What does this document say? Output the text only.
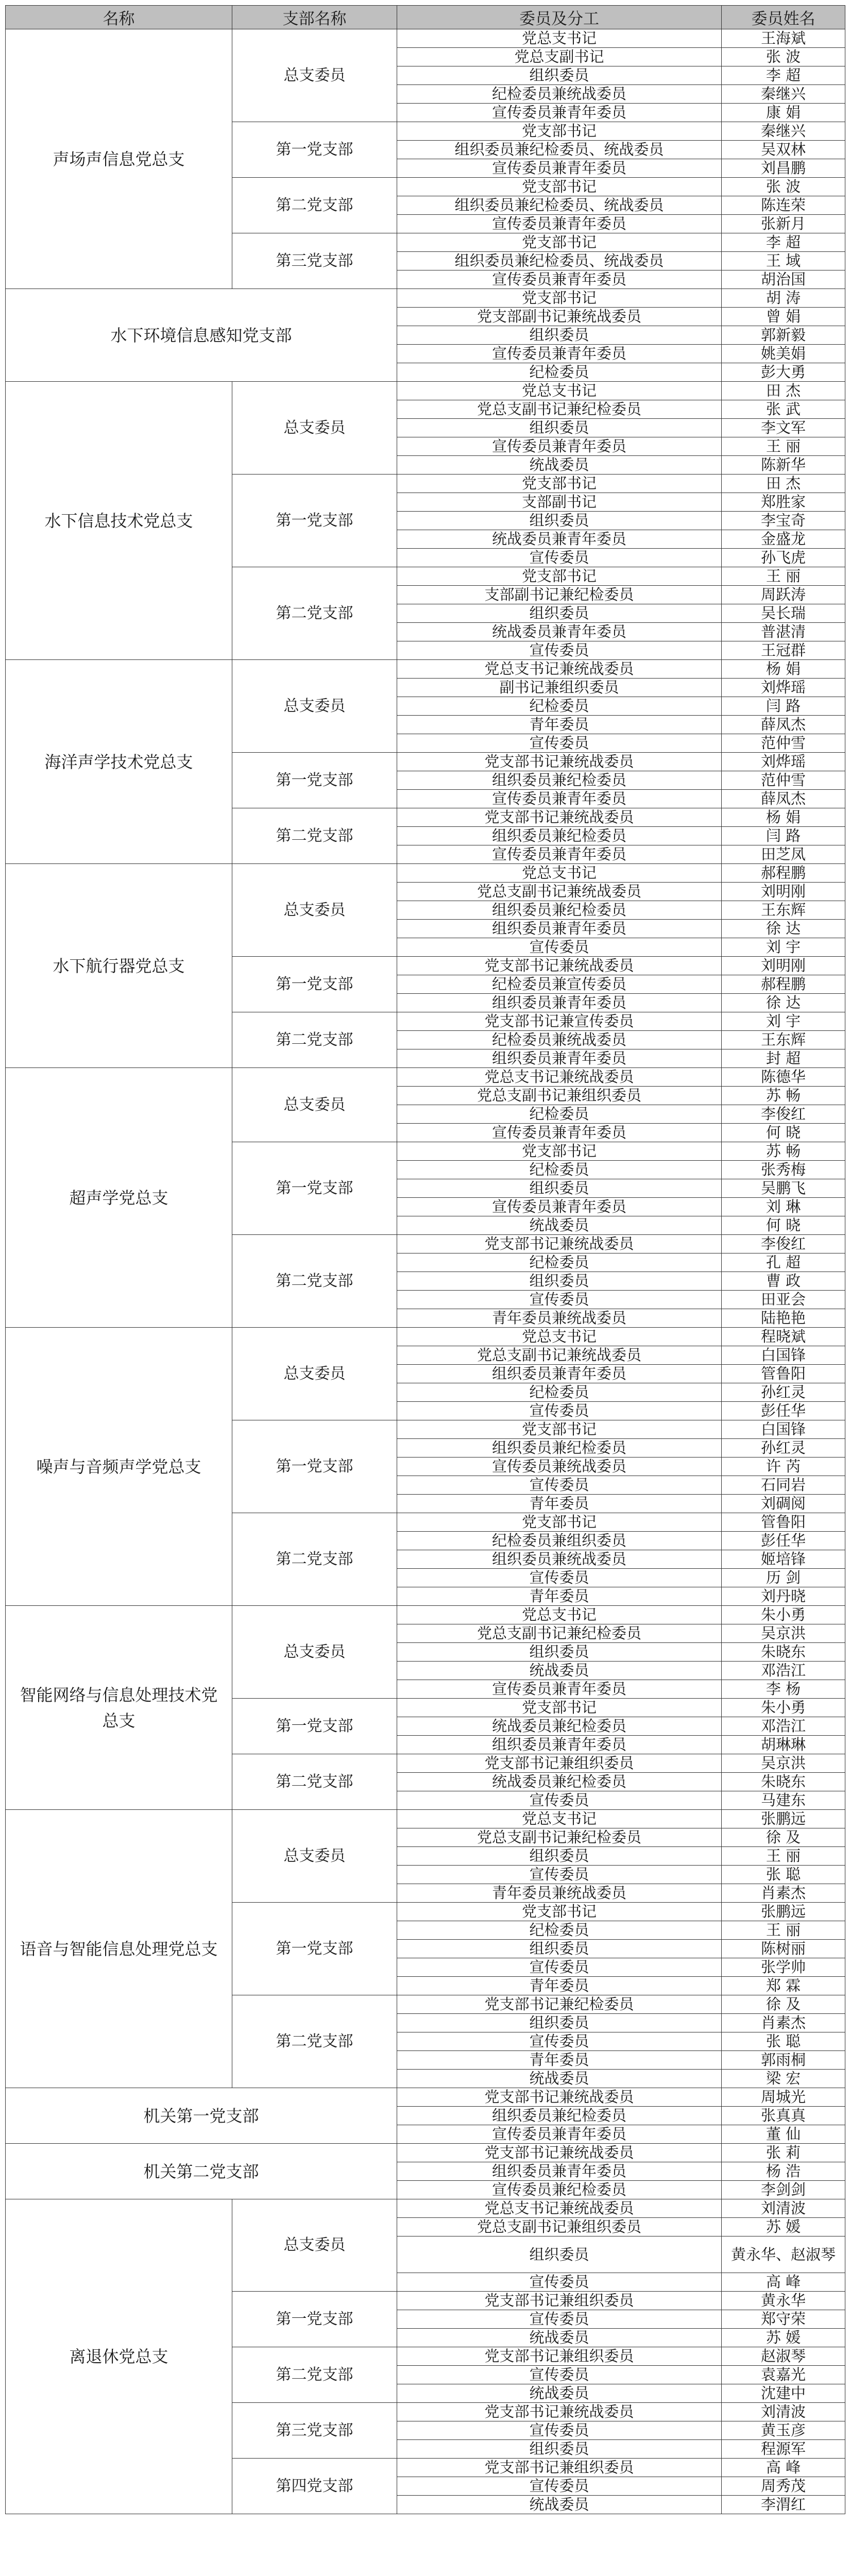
名称	支部名称	委员及分工	委员姓名
声场声信息党总支	总支委员	党总支书记	王海斌
		党总支副书记	张 波
		组织委员	李 超
		纪检委员兼统战委员	秦继兴
		宣传委员兼青年委员	康 娟
	第一党支部	党支部书记	秦继兴
		组织委员兼纪检委员、统战委员	吴双林
		宣传委员兼青年委员	刘昌鹏
	第二党支部	党支部书记	张 波
		组织委员兼纪检委员、统战委员	陈连荣
		宣传委员兼青年委员	张新月
	第三党支部	党支部书记	李 超
		组织委员兼纪检委员、统战委员	王 域
		宣传委员兼青年委员	胡治国
水下环境信息感知党支部		党支部书记	胡 涛
		党支部副书记兼统战委员	曾 娟
		组织委员	郭新毅
		宣传委员兼青年委员	姚美娟
		纪检委员	彭大勇
水下信息技术党总支	总支委员	党总支书记	田 杰
		党总支副书记兼纪检委员	张 武
		组织委员	李文军
		宣传委员兼青年委员	王 丽
		统战委员	陈新华
	第一党支部	党支部书记	田 杰
		支部副书记	郑胜家
		组织委员	李宝奇
		统战委员兼青年委员	金盛龙
		宣传委员	孙飞虎
	第二党支部	党支部书记	王 丽
		支部副书记兼纪检委员	周跃涛
		组织委员	吴长瑞
		统战委员兼青年委员	普湛清
		宣传委员	王冠群
海洋声学技术党总支	总支委员	党总支书记兼统战委员	杨 娟
		副书记兼组织委员	刘烨瑶
		纪检委员	闫 路
		青年委员	薛凤杰
		宣传委员	范仲雪
	第一党支部	党支部书记兼统战委员	刘烨瑶
		组织委员兼纪检委员	范仲雪
		宣传委员兼青年委员	薛凤杰
	第二党支部	党支部书记兼统战委员	杨 娟
		组织委员兼纪检委员	闫 路
		宣传委员兼青年委员	田芝凤
水下航行器党总支	总支委员	党总支书记	郝程鹏
		党总支副书记兼统战委员	刘明刚
		组织委员兼纪检委员	王东辉
		组织委员兼青年委员	徐 达
		宣传委员	刘 宇
	第一党支部	党支部书记兼统战委员	刘明刚
		纪检委员兼宣传委员	郝程鹏
		组织委员兼青年委员	徐 达
	第二党支部	党支部书记兼宣传委员	刘 宇
		纪检委员兼统战委员	王东辉
		组织委员兼青年委员	封 超
超声学党总支	总支委员	党总支书记兼统战委员	陈德华
		党总支副书记兼组织委员	苏 畅
		纪检委员	李俊红
		宣传委员兼青年委员	何 晓
	第一党支部	党支部书记	苏 畅
		纪检委员	张秀梅
		组织委员	吴鹏飞
		宣传委员兼青年委员	刘 琳
		统战委员	何 晓
	第二党支部	党支部书记兼统战委员	李俊红
		纪检委员	孔 超
		组织委员	曹 政
		宣传委员	田亚会
		青年委员兼统战委员	陆艳艳
噪声与音频声学党总支	总支委员	党总支书记	程晓斌
		党总支副书记兼统战委员	白国锋
		组织委员兼青年委员	管鲁阳
		纪检委员	孙红灵
		宣传委员	彭任华
	第一党支部	党支部书记	白国锋
		组织委员兼纪检委员	孙红灵
		宣传委员兼统战委员	许 芮
		宣传委员	石同岩
		青年委员	刘碉阅
	第二党支部	党支部书记	管鲁阳
		纪检委员兼组织委员	彭任华
		组织委员兼统战委员	姬培锋
		宣传委员	历 剑
		青年委员	刘丹晓
智能网络与信息处理技术党总支	总支委员	党总支书记	朱小勇
		党总支副书记兼纪检委员	吴京洪
		组织委员	朱晓东
		统战委员	邓浩江
		宣传委员兼青年委员	李 杨
	第一党支部	党支部书记	朱小勇
		统战委员兼纪检委员	邓浩江
		组织委员兼青年委员	胡琳琳
	第二党支部	党支部书记兼组织委员	吴京洪
		统战委员兼纪检委员	朱晓东
		宣传委员	马建东
语音与智能信息处理党总支	总支委员	党总支书记	张鹏远
		党总支副书记兼纪检委员	徐 及
		组织委员	王 丽
		宣传委员	张 聪
		青年委员兼统战委员	肖素杰
	第一党支部	党支部书记	张鹏远
		纪检委员	王 丽
		组织委员	陈树丽
		宣传委员	张学帅
		青年委员	郑 霖
	第二党支部	党支部书记兼纪检委员	徐 及
		组织委员	肖素杰
		宣传委员	张 聪
		青年委员	郭雨桐
		统战委员	梁 宏
机关第一党支部		党支部书记兼统战委员	周城光
		组织委员兼纪检委员	张真真
		宣传委员兼青年委员	董 仙
机关第二党支部		党支部书记兼统战委员	张 莉
		组织委员兼青年委员	杨 浩
		宣传委员兼纪检委员	李剑剑
离退休党总支	总支委员	党总支书记兼统战委员	刘清波
		党总支副书记兼组织委员	苏 媛
		组织委员	黄永华、赵淑琴
		宣传委员	高 峰
	第一党支部	党支部书记兼组织委员	黄永华
		宣传委员	郑守荣
		统战委员	苏 媛
	第二党支部	党支部书记兼组织委员	赵淑琴
		宣传委员	袁嘉光
		统战委员	沈建中
	第三党支部	党支部书记兼统战委员	刘清波
		宣传委员	黄玉彦
		组织委员	程源军
	第四党支部	党支部书记兼组织委员	高 峰
		宣传委员	周秀茂
		统战委员	李渭红
